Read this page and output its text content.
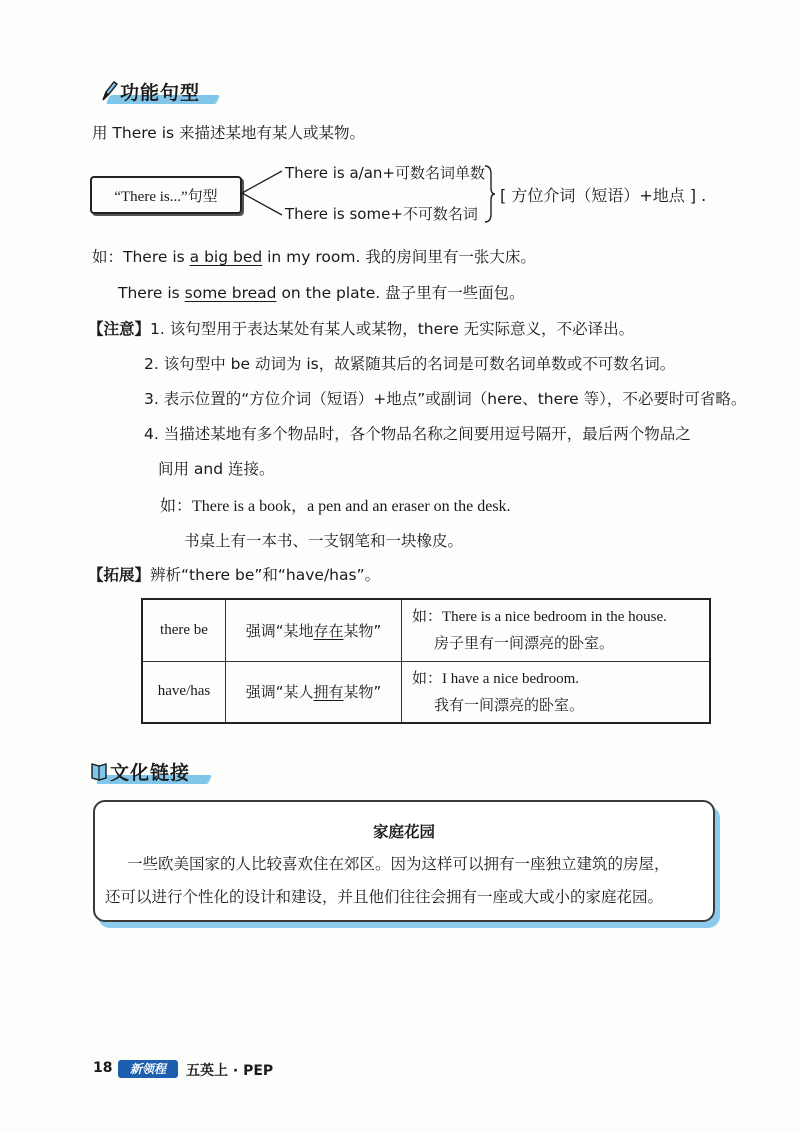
功能句型
用 There is 来描述某地有某人或某物。
“There is...”句型
There is a/an+可数名词单数
There is some+不可数名词
[ 方位介词（短语）+地点 ] .
如：There is a big bed in my room. 我的房间里有一张大床。
There is some bread on the plate. 盘子里有一些面包。
【注意】1. 该句型用于表达某处有某人或某物，there 无实际意义，不必译出。
2. 该句型中 be 动词为 is，故紧随其后的名词是可数名词单数或不可数名词。
3. 表示位置的“方位介词（短语）+地点”或副词（here、there 等），不必要时可省略。
4. 当描述某地有多个物品时，各个物品名称之间要用逗号隔开，最后两个物品之
间用 and 连接。
如：There is a book，a pen and an eraser on the desk.
书桌上有一本书、一支钢笔和一块橡皮。
【拓展】辨析“there be”和“have/has”。
there be	强调“某地存在某物”	如：There is a nice bedroom in the house.
房子里有一间漂亮的卧室。

have/has	强调“某人拥有某物”	如：I have a nice bedroom.
我有一间漂亮的卧室。
文化链接
家庭花园
一些欧美国家的人比较喜欢住在郊区。因为这样可以拥有一座独立建筑的房屋，
还可以进行个性化的设计和建设，并且他们往往会拥有一座或大或小的家庭花园。
18	新领程	五英上 · PEP
